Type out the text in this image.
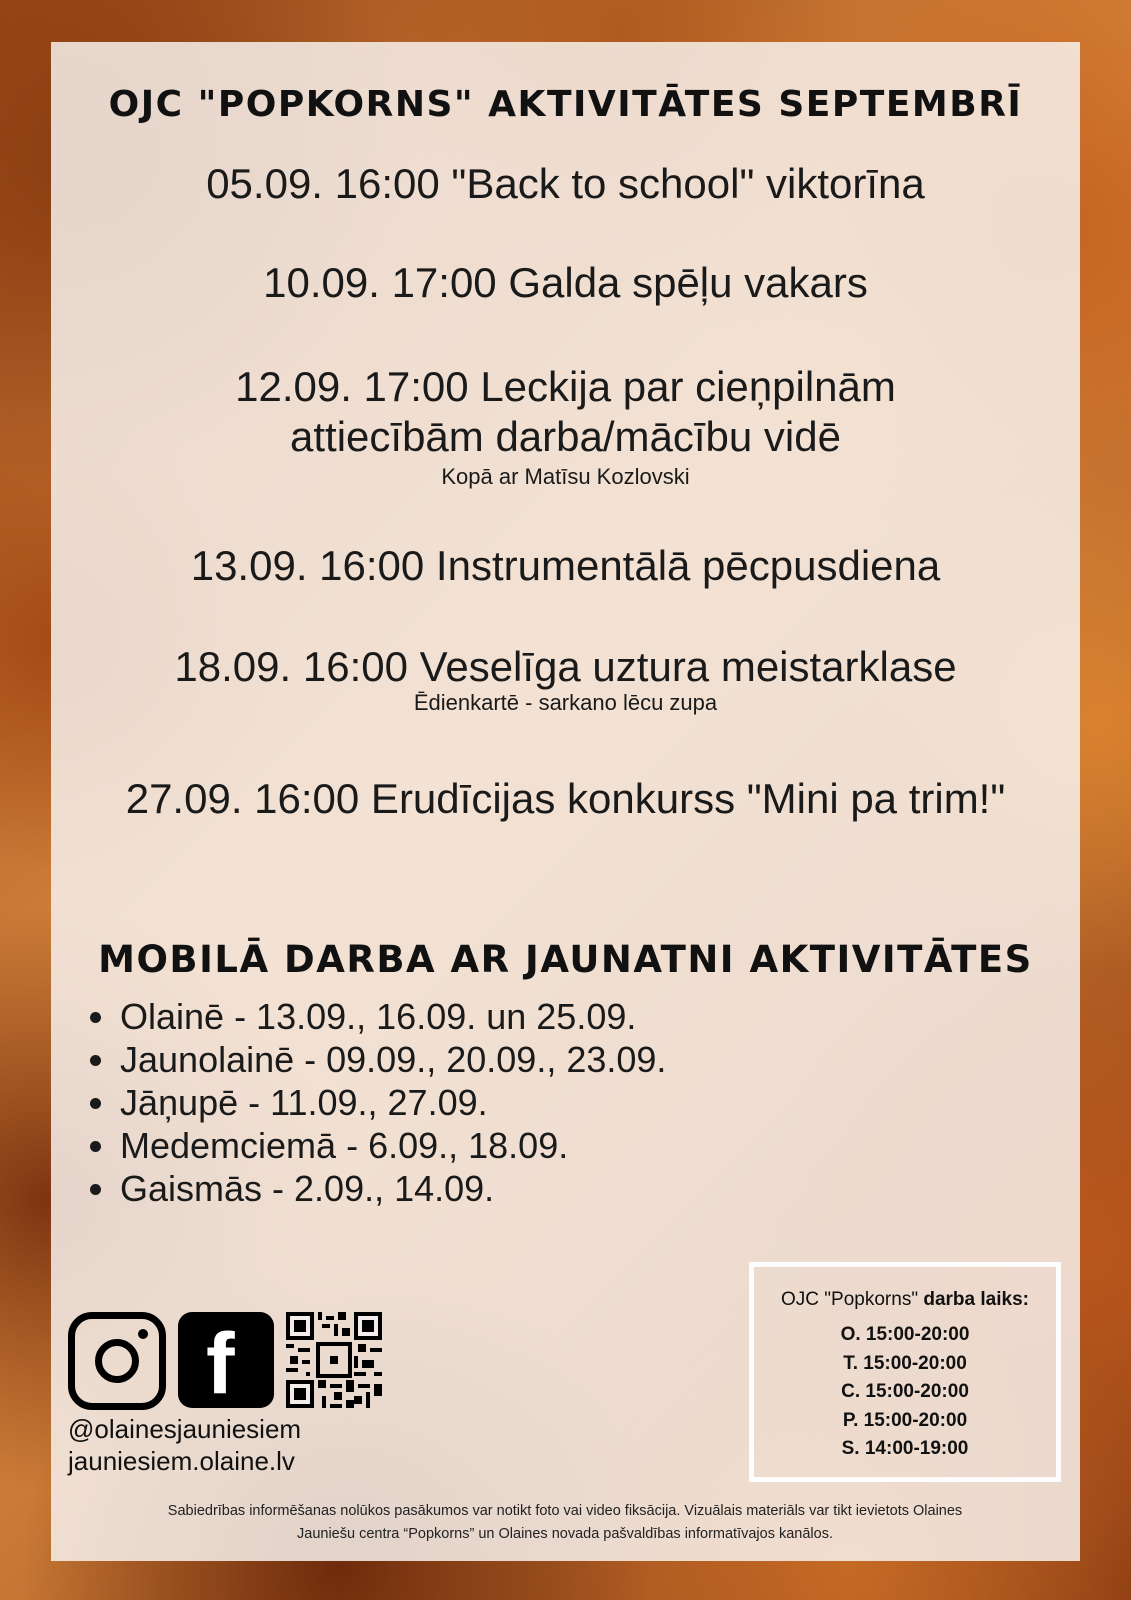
OJC "POPKORNS" AKTIVITĀTES SEPTEMBRĪ
05.09. 16:00 "Back to school" viktorīna
10.09. 17:00 Galda spēļu vakars
12.09. 17:00 Leckija par cieņpilnām attiecībām darba/mācību vidē
Kopā ar Matīsu Kozlovski
13.09. 16:00 Instrumentālā pēcpusdiena
18.09. 16:00 Veselīga uztura meistarklase
Ēdienkartē - sarkano lēcu zupa
27.09. 16:00 Erudīcijas konkurss "Mini pa trim!"
MOBILĀ DARBA AR JAUNATNI AKTIVITĀTES
Olainē - 13.09., 16.09. un 25.09.
Jaunolainē - 09.09., 20.09., 23.09.
Jāņupē - 11.09., 27.09.
Medemciemā - 6.09., 18.09.
Gaismās - 2.09., 14.09.
f
@olainesjauniesiem
jauniesiem.olaine.lv
OJC "Popkorns" darba laiks:
O. 15:00-20:00
T. 15:00-20:00
C. 15:00-20:00
P. 15:00-20:00
S. 14:00-19:00
Sabiedrības informēšanas nolūkos pasākumos var notikt foto vai video fiksācija. Vizuālais materiāls var tikt ievietots Olaines
Jauniešu centra “Popkorns” un Olaines novada pašvaldības informatīvajos kanālos.
